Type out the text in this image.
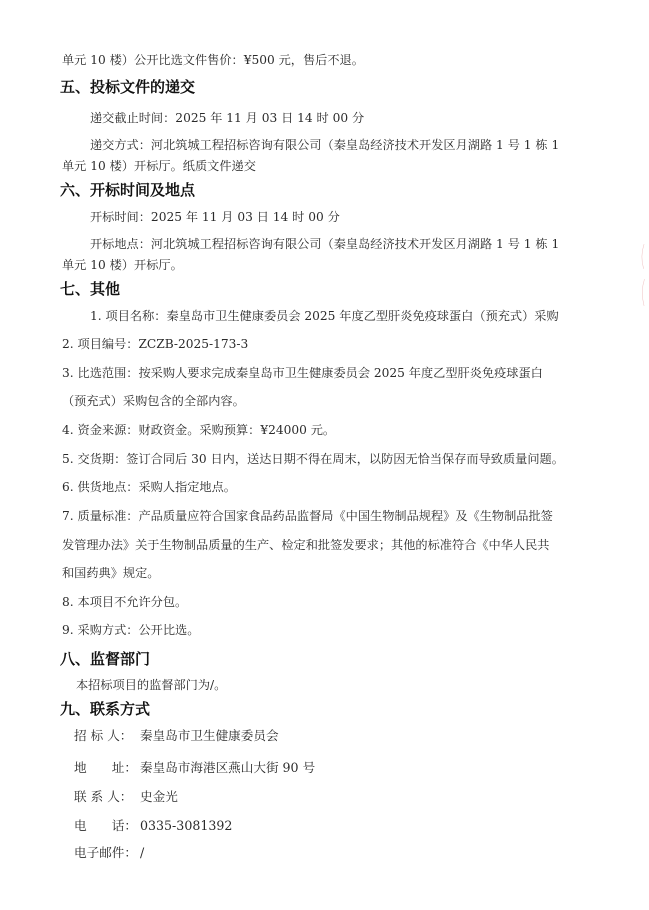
单元 10 楼）公开比选文件售价：¥500 元，售后不退。
五、投标文件的递交
递交截止时间：2025 年 11 月 03 日 14 时 00 分
递交方式：河北筑城工程招标咨询有限公司（秦皇岛经济技术开发区月湖路 1 号 1 栋 1
单元 10 楼）开标厅。纸质文件递交
六、开标时间及地点
开标时间：2025 年 11 月 03 日 14 时 00 分
开标地点：河北筑城工程招标咨询有限公司（秦皇岛经济技术开发区月湖路 1 号 1 栋 1
单元 10 楼）开标厅。
七、其他
1. 项目名称：秦皇岛市卫生健康委员会 2025 年度乙型肝炎免疫球蛋白（预充式）采购
2. 项目编号：ZCZB-2025-173-3
3. 比选范围：按采购人要求完成秦皇岛市卫生健康委员会 2025 年度乙型肝炎免疫球蛋白
（预充式）采购包含的全部内容。
4. 资金来源：财政资金。采购预算：¥24000 元。
5. 交货期：签订合同后 30 日内，送达日期不得在周末，以防因无恰当保存而导致质量问题。
6. 供货地点：采购人指定地点。
7. 质量标准：产品质量应符合国家食品药品监督局《中国生物制品规程》及《生物制品批签
发管理办法》关于生物制品质量的生产、检定和批签发要求；其他的标准符合《中华人民共
和国药典》规定。
8. 本项目不允许分包。
9. 采购方式：公开比选。
八、监督部门
本招标项目的监督部门为/。
九、联系方式
招 标 人： 秦皇岛市卫生健康委员会
地　　址： 秦皇岛市海港区燕山大街 90 号
联 系 人： 史金光
电　　话： 0335-3081392
电子邮件： /
